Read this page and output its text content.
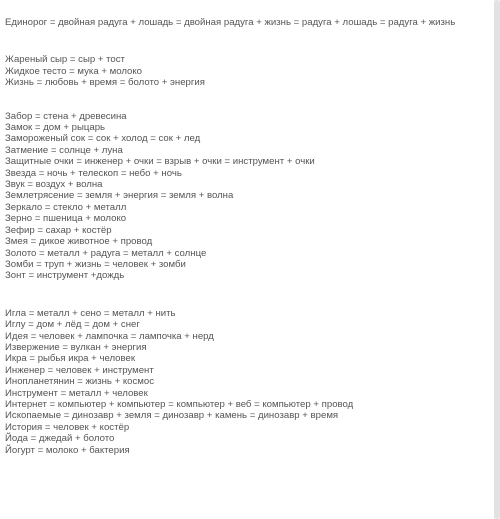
Единорог = двойная радуга + лошадь = двойная радуга + жизнь = радуга + лошадь = радуга + жизнь
Жареный сыр = сыр + тост
Жидкое тесто = мука + молоко
Жизнь = любовь + время = болото + энергия
Забор = стена + древесина
Замок = дом + рыцарь
Замороженый сок = сок + холод = сок + лед
Затмение = солнце + луна
Защитные очки = инженер + очки = взрыв + очки = инструмент + очки
Звезда = ночь + телескоп = небо + ночь
Звук = воздух + волна
Землетрясение = земля + энергия = земля + волна
Зеркало = стекло + металл
Зерно = пшеница + молоко
Зефир = сахар + костёр
Змея = дикое животное + провод
Золото = металл + радуга = металл + солнце
Зомби = труп + жизнь = человек + зомби
Зонт = инструмент +дождь
Игла = металл + сено = металл + нить
Иглу = дом + лёд = дом + снег
Идея = человек + лампочка = лампочка + нерд
Извержение = вулкан + энергия
Икра = рыбья икра + человек
Инженер = человек + инструмент
Инопланетянин = жизнь + космос
Инструмент = металл + человек
Интернет = компьютер + компьютер = компьютер + веб = компьютер + провод
Ископаемые = динозавр + земля = динозавр + камень = динозавр + время
История = человек + костёр
Йода = джедай + болото
Йогурт = молоко + бактерия
